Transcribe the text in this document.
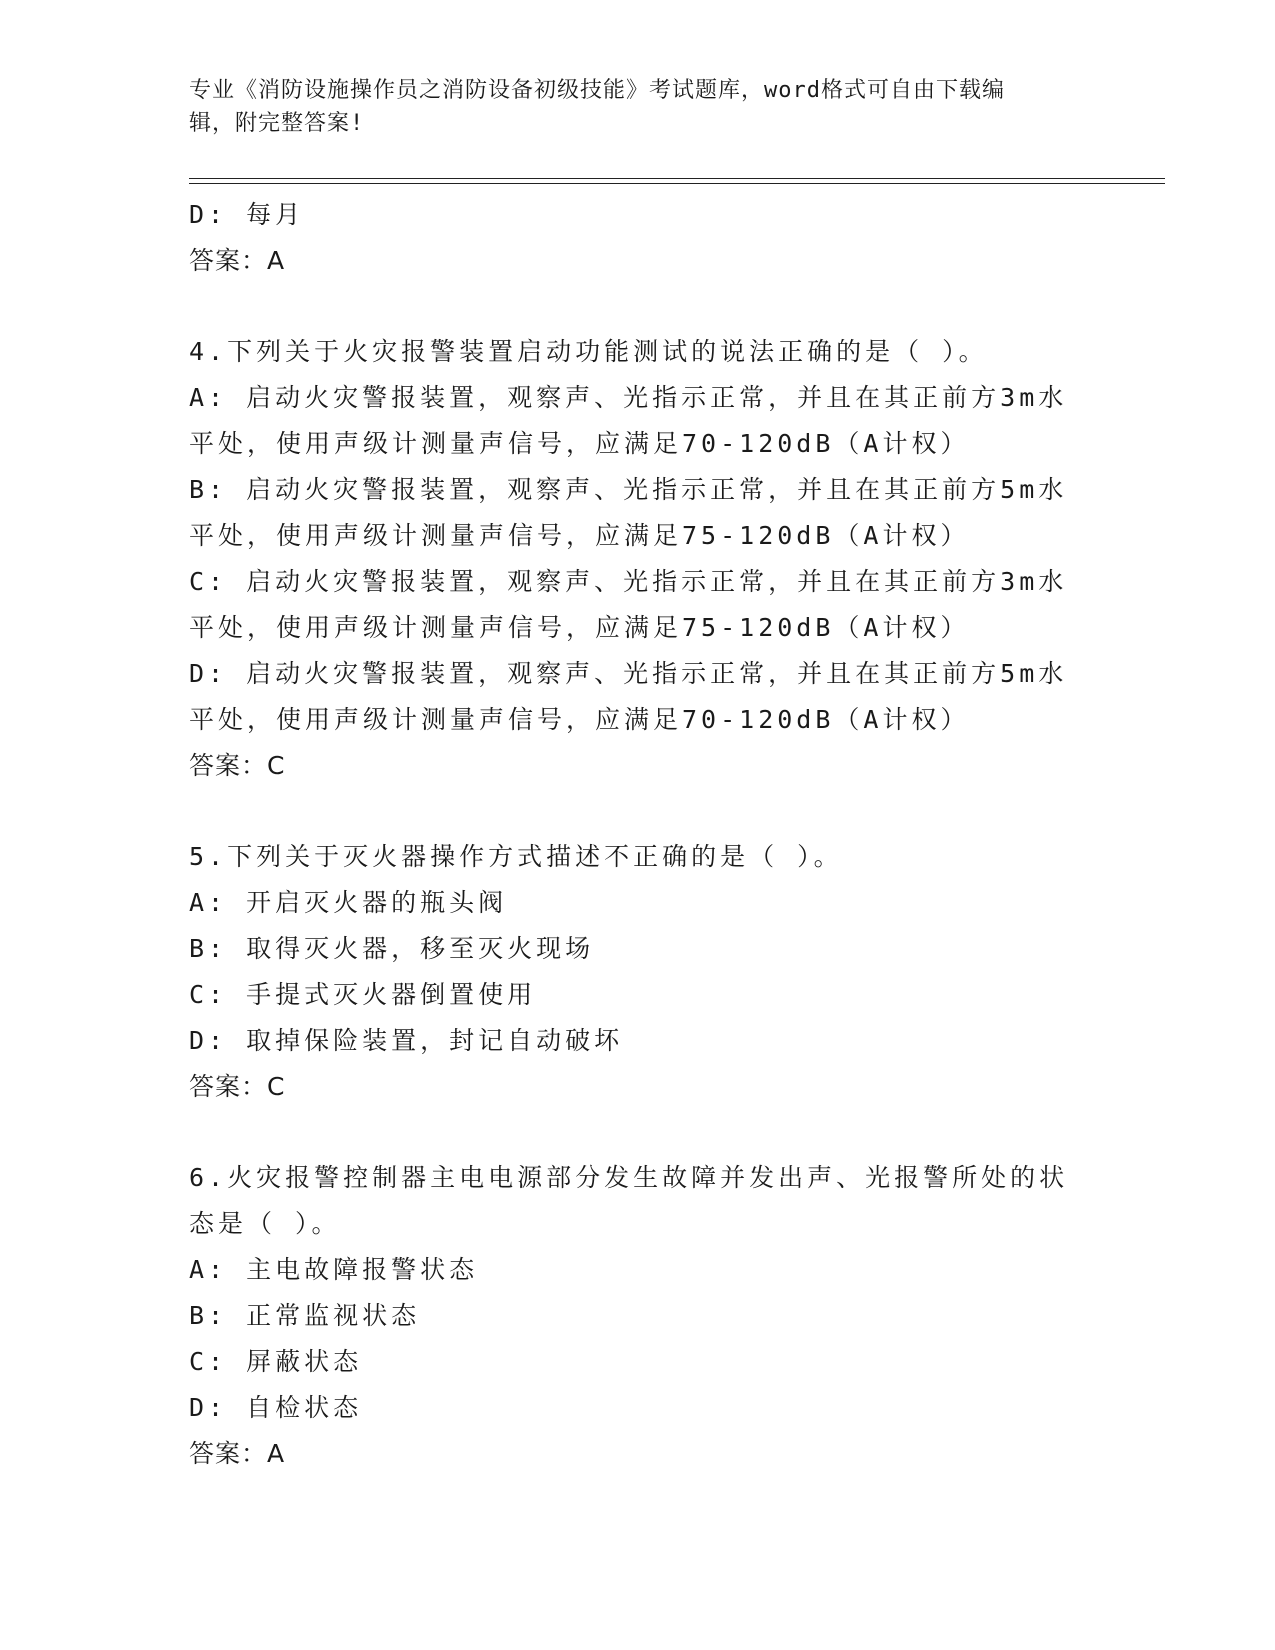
专业《消防设施操作员之消防设备初级技能》考试题库，word格式可自由下载编
辑，附完整答案!
D: 每月
答案：A
4.下列关于火灾报警装置启动功能测试的说法正确的是（ ）。
A: 启动火灾警报装置，观察声、光指示正常，并且在其正前方3m水
平处，使用声级计测量声信号，应满足70-120dB（A计权）
B: 启动火灾警报装置，观察声、光指示正常，并且在其正前方5m水
平处，使用声级计测量声信号，应满足75-120dB（A计权）
C: 启动火灾警报装置，观察声、光指示正常，并且在其正前方3m水
平处，使用声级计测量声信号，应满足75-120dB（A计权）
D: 启动火灾警报装置，观察声、光指示正常，并且在其正前方5m水
平处，使用声级计测量声信号，应满足70-120dB（A计权）
答案：C
5.下列关于灭火器操作方式描述不正确的是（ ）。
A: 开启灭火器的瓶头阀
B: 取得灭火器，移至灭火现场
C: 手提式灭火器倒置使用
D: 取掉保险装置，封记自动破坏
答案：C
6.火灾报警控制器主电电源部分发生故障并发出声、光报警所处的状
态是（ ）。
A: 主电故障报警状态
B: 正常监视状态
C: 屏蔽状态
D: 自检状态
答案：A
